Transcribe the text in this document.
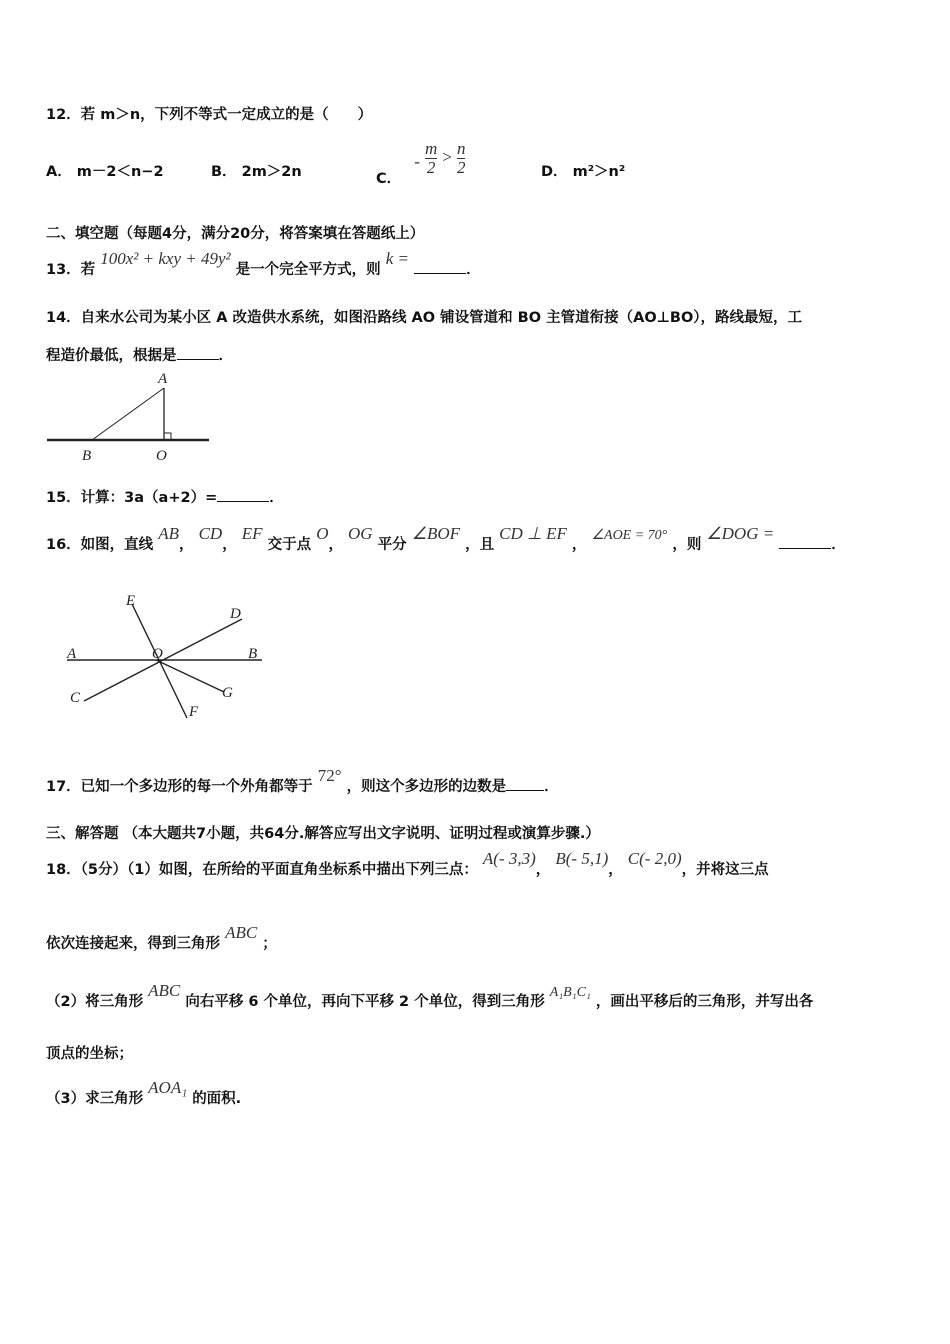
12．若 m＞n，下列不等式一定成立的是（　　）
A． m－2＜n−2	B． 2m＞2n	C． - $\frac{m}{2} > \frac{n}{2}$	D． m²＞n²
二、填空题（每题4分，满分20分，将答案填在答题纸上）
13．若 100x² + kxy + 49y² 是一个完全平方式，则 k = ．
14．自来水公司为某小区 A 改造供水系统，如图沿路线 AO 铺设管道和 BO 主管道衔接（AO⊥BO），路线最短，工
程造价最低，根据是	．
A
B	O
15．计算：3a（a+2）=	．
16．如图，直线 AB， CD， EF 交于点 O， OG 平分 ∠BOF ，且 CD ⊥ EF ， ∠AOE = 70° ，则 ∠DOG = ．
A	B
C
D
E
F
G
O
17．已知一个多边形的每一个外角都等于 72° ，则这个多边形的边数是	．
三、解答题 （本大题共7小题，共64分.解答应写出文字说明、证明过程或演算步骤.）
18．（5分）（1）如图，在所给的平面直角坐标系中描出下列三点： A(- 3,3)， B(- 5,1)， C(- 2,0)，并将这三点
依次连接起来，得到三角形 ABC ；
（2）将三角形 ABC 向右平移 6 个单位，再向下平移 2 个单位，得到三角形 A₁B₁C₁ ，画出平移后的三角形，并写出各
顶点的坐标；
（3）求三角形 AOA₁ 的面积.
